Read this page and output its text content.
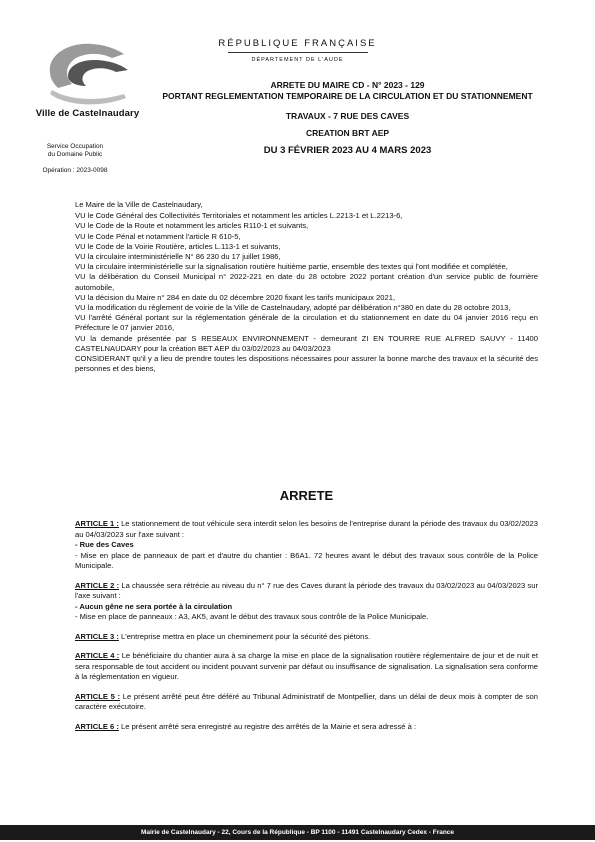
Ville de Castelnaudary
Service Occupation
du Domaine Public
Opération : 2023-0098
RÉPUBLIQUE FRANÇAISE
DÉPARTEMENT DE L'AUDE
ARRETE DU MAIRE CD - N° 2023 - 129
PORTANT REGLEMENTATION TEMPORAIRE DE LA CIRCULATION ET DU STATIONNEMENT
TRAVAUX - 7 RUE DES CAVES
CREATION BRT AEP
DU 3 FÉVRIER 2023 AU 4 MARS 2023

Le Maire de la Ville de Castelnaudary,

VU le Code Général des Collectivités Territoriales et notamment les articles L.2213-1 et L.2213-6,

VU le Code de la Route et notamment les articles R110-1 et suivants,

VU le Code Pénal et notamment l'article R 610-5,

VU le Code de la Voirie Routière, articles L.113-1 et suivants,

VU la circulaire interministérielle N° 86 230 du 17 juillet 1986,

VU la circulaire interministérielle sur la signalisation routière huitième partie, ensemble des textes qui l'ont modifiée et complétée,

VU la délibération du Conseil Municipal n° 2022-221 en date du 28 octobre 2022 portant création d'un service public de fourrière automobile,

VU la décision du Maire n° 284 en date du 02 décembre 2020 fixant les tarifs municipaux 2021,

VU la modification du règlement de voirie de la Ville de Castelnaudary, adopté par délibération n°380 en date du 28 octobre 2013,

VU l'arrêté Général portant sur la réglementation générale de la circulation et du stationnement en date du 04 janvier 2016 reçu en Préfecture le 07 janvier 2016,

VU la demande présentée par S RESEAUX ENVIRONNEMENT - demeurant ZI EN TOURRE RUE ALFRED SAUVY - 11400 CASTELNAUDARY pour la création BET AEP du 03/02/2023 au 04/03/2023

CONSIDERANT qu'il y a lieu de prendre toutes les dispositions nécessaires pour assurer la bonne marche des travaux et la sécurité des personnes et des biens,

ARRETE

ARTICLE 1 : Le stationnement de tout véhicule sera interdit selon les besoins de l'entreprise durant la période des travaux du 03/02/2023 au 04/03/2023 sur l'axe suivant :
- Rue des Caves
- Mise en place de panneaux de part et d'autre du chantier : B6A1. 72 heures avant le début des travaux sous contrôle de la Police Municipale.

ARTICLE 2 : La chaussée sera rétrécie au niveau du n° 7 rue des Caves durant la période des travaux du 03/02/2023 au 04/03/2023 sur l'axe suivant :
- Aucun gêne ne sera portée à la circulation
- Mise en place de panneaux : A3, AK5, avant le début des travaux sous contrôle de la Police Municipale.

ARTICLE 3 : L'entreprise mettra en place un cheminement pour la sécurité des piétons.

ARTICLE 4 : Le bénéficiaire du chantier aura à sa charge la mise en place de la signalisation routière réglementaire de jour et de nuit et sera responsable de tout accident ou incident pouvant survenir par défaut ou insuffisance de signalisation. La signalisation sera conforme à la réglementation en vigueur.

ARTICLE 5 : Le présent arrêté peut être déféré au Tribunal Administratif de Montpellier, dans un délai de deux mois à compter de son caractère exécutoire.

ARTICLE 6 : Le présent arrêté sera enregistré au registre des arrêtés de la Mairie et sera adressé à :

Mairie de Castelnaudary - 22, Cours de la République - BP 1100 - 11491 Castelnaudary Cedex - France
